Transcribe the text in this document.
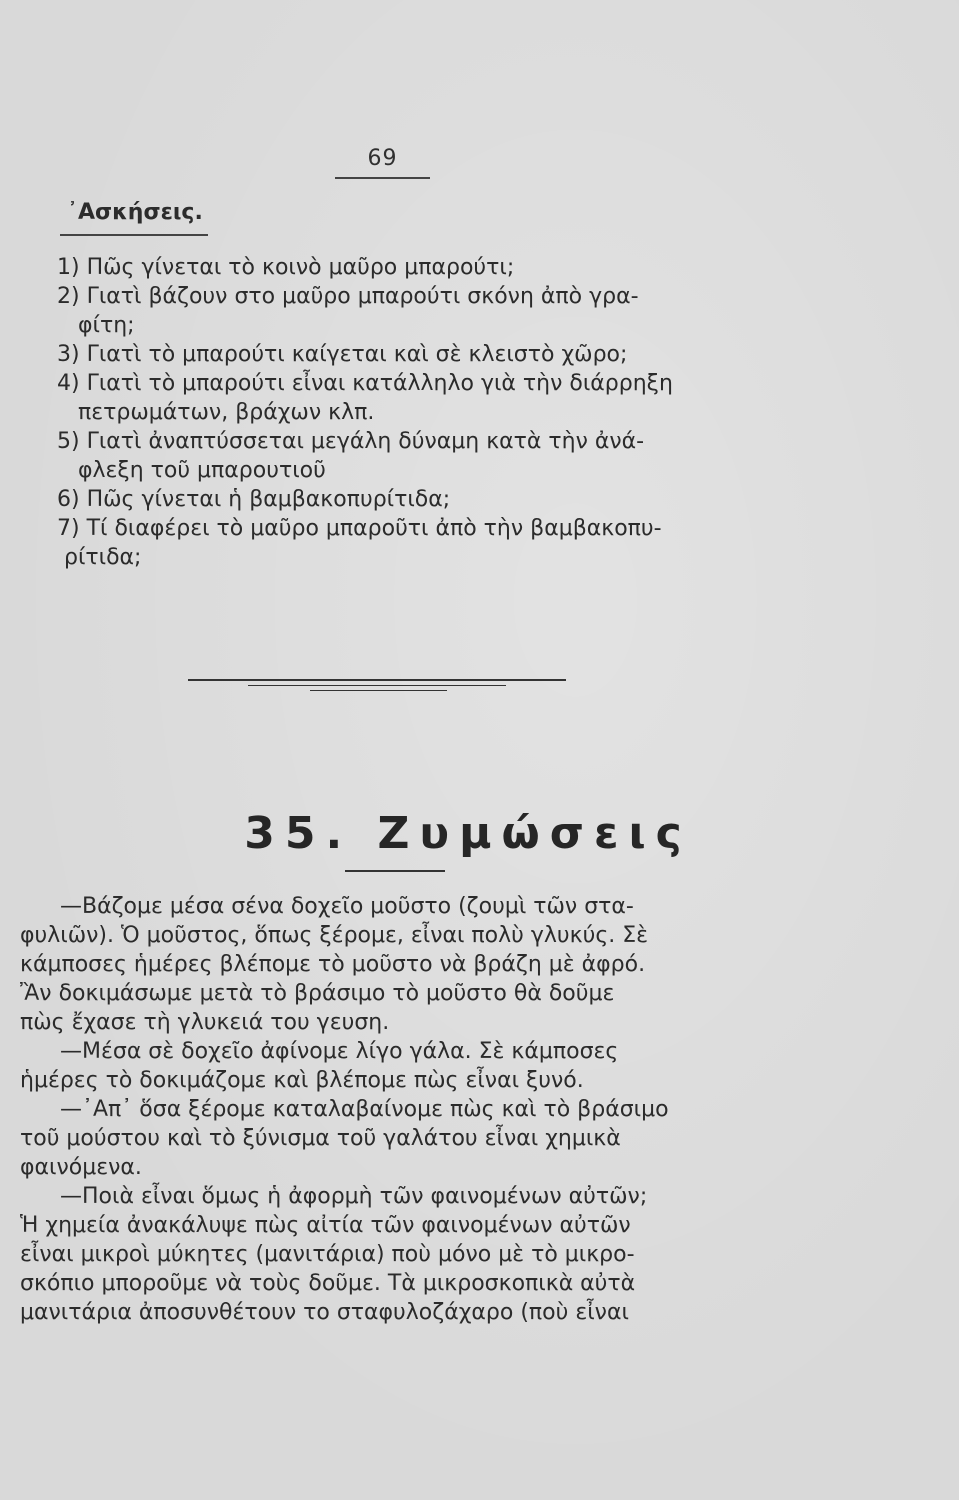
69
᾿Ασκήσεις.
1) Πῶς γίνεται τὸ κοινὸ μαῦρο μπαρούτι;
2) Γιατὶ βάζουν στο μαῦρο μπαρούτι σκόνη ἀπὸ γρα-
φίτη;
3) Γιατὶ τὸ μπαρούτι καίγεται καὶ σὲ κλειστὸ χῶρο;
4) Γιατὶ τὸ μπαρούτι εἶναι κατάλληλο γιὰ τὴν διάρρηξη
πετρωμάτων, βράχων κλπ.
5) Γιατὶ ἀναπτύσσεται μεγάλη δύναμη κατὰ τὴν ἀνά-
φλεξη τοῦ μπαρουτιοῦ
6) Πῶς γίνεται ἡ βαμβακοπυρίτιδα;
7) Τί διαφέρει τὸ μαῦρο μπαροῦτι ἀπὸ τὴν βαμβακοπυ-
ρίτιδα;
35. Ζυμώσεις
—Βάζομε μέσα σένα δοχεῖο μοῦστο (ζουμὶ τῶν στα-
φυλιῶν). Ὁ μοῦστος, ὅπως ξέρομε, εἶναι πολὺ γλυκύς. Σὲ
κάμποσες ἡμέρες βλέπομε τὸ μοῦστο νὰ βράζη μὲ ἀφρό.
Ἂν δοκιμάσωμε μετὰ τὸ βράσιμο τὸ μοῦστο θὰ δοῦμε
πὼς ἔχασε τὴ γλυκειά του γευση.
—Μέσα σὲ δοχεῖο ἀφίνομε λίγο γάλα. Σὲ κάμποσες
ἡμέρες τὸ δοκιμάζομε καὶ βλέπομε πὼς εἶναι ξυνό.
—᾿Απ᾿ ὅσα ξέρομε καταλαβαίνομε πὼς καὶ τὸ βράσιμο
τοῦ μούστου καὶ τὸ ξύνισμα τοῦ γαλάτου εἶναι χημικὰ
φαινόμενα.
—Ποιὰ εἶναι ὅμως ἡ ἀφορμὴ τῶν φαινομένων αὐτῶν;
Ἡ χημεία ἀνακάλυψε πὼς αἰτία τῶν φαινομένων αὐτῶν
εἶναι μικροὶ μύκητες (μανιτάρια) ποὺ μόνο μὲ τὸ μικρο-
σκόπιο μποροῦμε νὰ τοὺς δοῦμε. Τὰ μικροσκοπικὰ αὐτὰ
μανιτάρια ἀποσυνθέτουν το σταφυλοζάχαρο (ποὺ εἶναι
